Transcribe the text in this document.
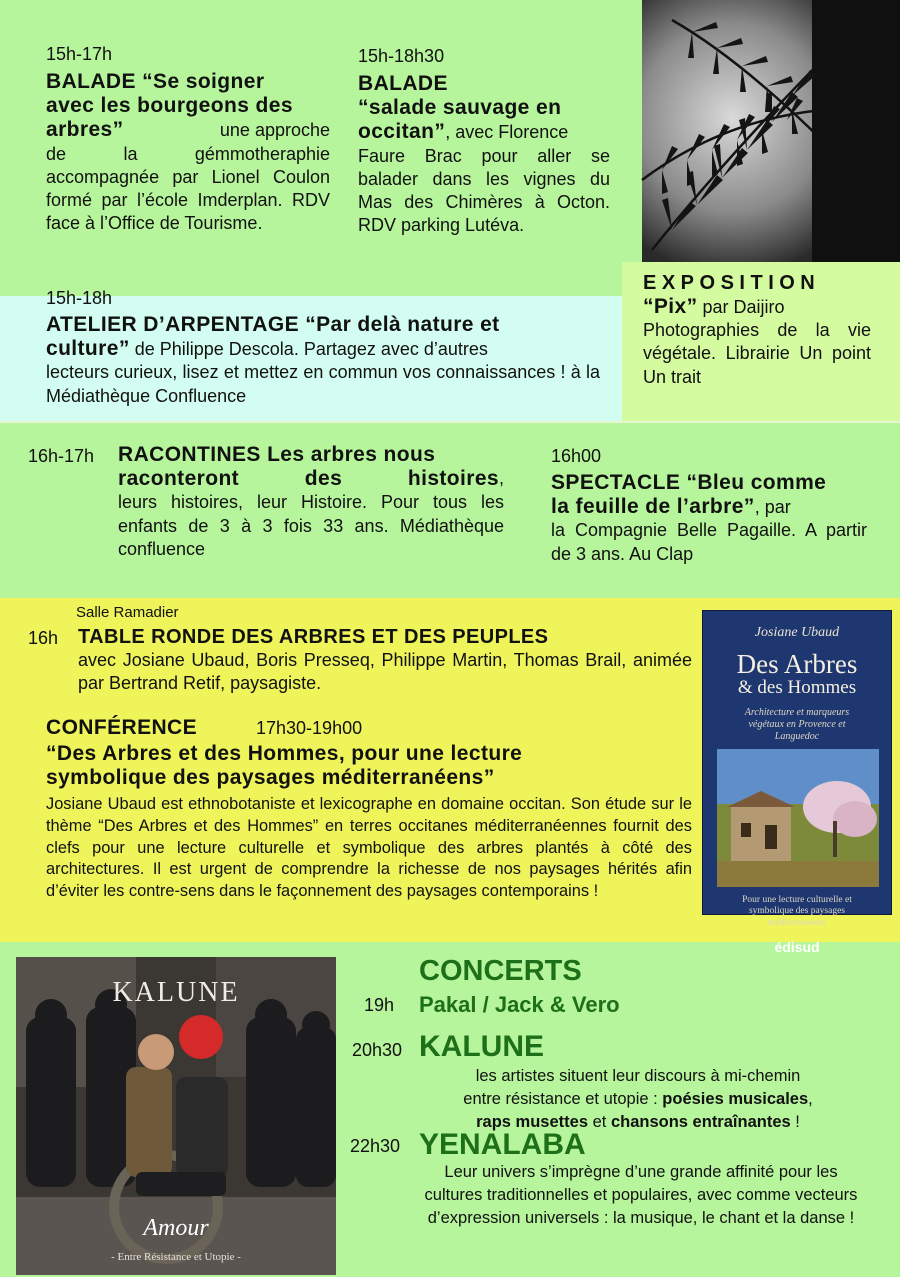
15h-17h
BALADE “Se soigner
avec les bourgeons des
arbres”	une approche
de la gémmotheraphie accompagnée par Lionel Coulon formé par l’école Imderplan. RDV face à l’Office de Tourisme.
15h-18h30
BALADE
“salade sauvage en
occitan”, avec Florence
Faure Brac pour aller se balader dans les vignes du Mas des Chimères à Octon. RDV parking Lutéva.
EXPOSITION
“Pix” par Daijiro
Photographies de la vie végétale. Librairie Un point Un trait
15h-18h
ATELIER D’ARPENTAGE “Par delà nature et
culture” de Philippe Descola. Partagez avec d’autres
lecteurs curieux, lisez et mettez en commun vos connaissances ! à la Médiathèque Confluence
16h-17h RACONTINES Les arbres nous
raconteront des histoires ,
leurs histoires, leur Histoire. Pour tous les enfants de 3 à 3 fois 33 ans. Médiathèque confluence
16h00
SPECTACLE “Bleu comme
la feuille de l’arbre”, par
la Compagnie Belle Pagaille. A partir de 3 ans. Au Clap
Salle Ramadier
16h TABLE RONDE DES ARBRES ET DES PEUPLES
avec Josiane Ubaud, Boris Presseq, Philippe Martin, Thomas Brail, animée par Bertrand Retif, paysagiste.
CONFÉRENCE	17h30-19h00
“Des Arbres et des Hommes, pour une lecture
symbolique des paysages méditerranéens”
Josiane Ubaud est ethnobotaniste et lexicographe en domaine occitan. Son étude sur le thème “Des Arbres et des Hommes” en terres occitanes méditerranéennes fournit des clefs pour une lecture culturelle et symbolique des arbres plantés à côté des architectures. Il est urgent de comprendre la richesse de nos paysages hérités afin d’éviter les contre-sens dans le façonnement des paysages contemporains !
Josiane Ubaud
Des Arbres
& des Hommes
Architecture et marqueurs végétaux en Provence et Languedoc
Pour une lecture culturelle et symbolique des paysages méditerranéens
édisud
KALUNE
Amour
- Entre Résistance et Utopie -
CONCERTS
19h Pakal / Jack & Vero
20h30 KALUNE
les artistes situent leur discours à mi-chemin
entre résistance et utopie : poésies musicales,
raps musettes et chansons entraînantes !
22h30 YENALABA
Leur univers s’imprègne d’une grande affinité pour les cultures traditionnelles et populaires, avec comme vecteurs d’expression universels : la musique, le chant et la danse !
